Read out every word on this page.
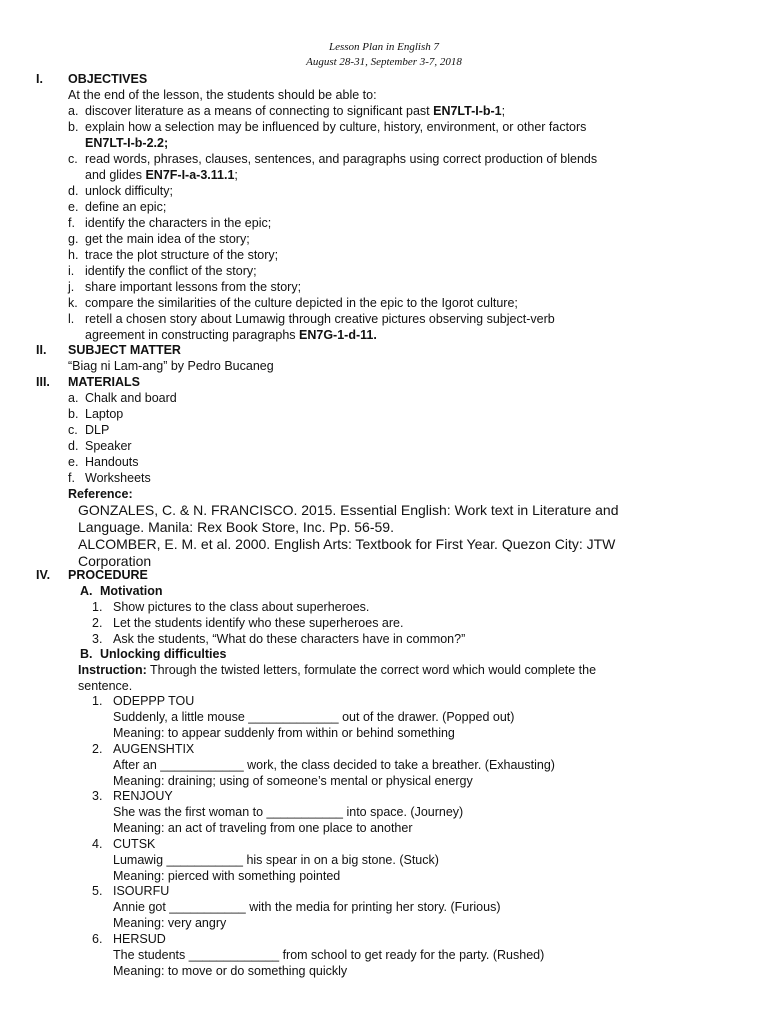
Lesson Plan in English 7
August 28-31, September 3-7, 2018
I. OBJECTIVES
At the end of the lesson, the students should be able to:
a. discover literature as a means of connecting to significant past EN7LT-I-b-1;
b. explain how a selection may be influenced by culture, history, environment, or other factors
EN7LT-I-b-2.2;
c. read words, phrases, clauses, sentences, and paragraphs using correct production of blends
and glides EN7F-I-a-3.11.1;
d. unlock difficulty;
e. define an epic;
f. identify the characters in the epic;
g. get the main idea of the story;
h. trace the plot structure of the story;
i. identify the conflict of the story;
j. share important lessons from the story;
k. compare the similarities of the culture depicted in the epic to the Igorot culture;
l. retell a chosen story about Lumawig through creative pictures observing subject-verb
agreement in constructing paragraphs EN7G-1-d-11.
II. SUBJECT MATTER
“Biag ni Lam-ang” by Pedro Bucaneg
III. MATERIALS
a. Chalk and board
b. Laptop
c. DLP
d. Speaker
e. Handouts
f. Worksheets
Reference:
GONZALES, C. & N. FRANCISCO. 2015. Essential English: Work text in Literature and
Language. Manila: Rex Book Store, Inc. Pp. 56-59.
ALCOMBER, E. M. et al. 2000. English Arts: Textbook for First Year. Quezon City: JTW
Corporation
IV. PROCEDURE
A. Motivation
1. Show pictures to the class about superheroes.
2. Let the students identify who these superheroes are.
3. Ask the students, “What do these characters have in common?”
B. Unlocking difficulties
Instruction: Through the twisted letters, formulate the correct word which would complete the
sentence.
1. ODEPPP TOU
Suddenly, a little mouse _____________ out of the drawer. (Popped out)
Meaning: to appear suddenly from within or behind something
2. AUGENSHTIX
After an ____________ work, the class decided to take a breather. (Exhausting)
Meaning: draining; using of someone’s mental or physical energy
3. RENJOUY
She was the first woman to ___________ into space. (Journey)
Meaning: an act of traveling from one place to another
4. CUTSK
Lumawig ___________ his spear in on a big stone. (Stuck)
Meaning: pierced with something pointed
5. ISOURFU
Annie got ___________ with the media for printing her story. (Furious)
Meaning: very angry
6. HERSUD
The students _____________ from school to get ready for the party. (Rushed)
Meaning: to move or do something quickly
